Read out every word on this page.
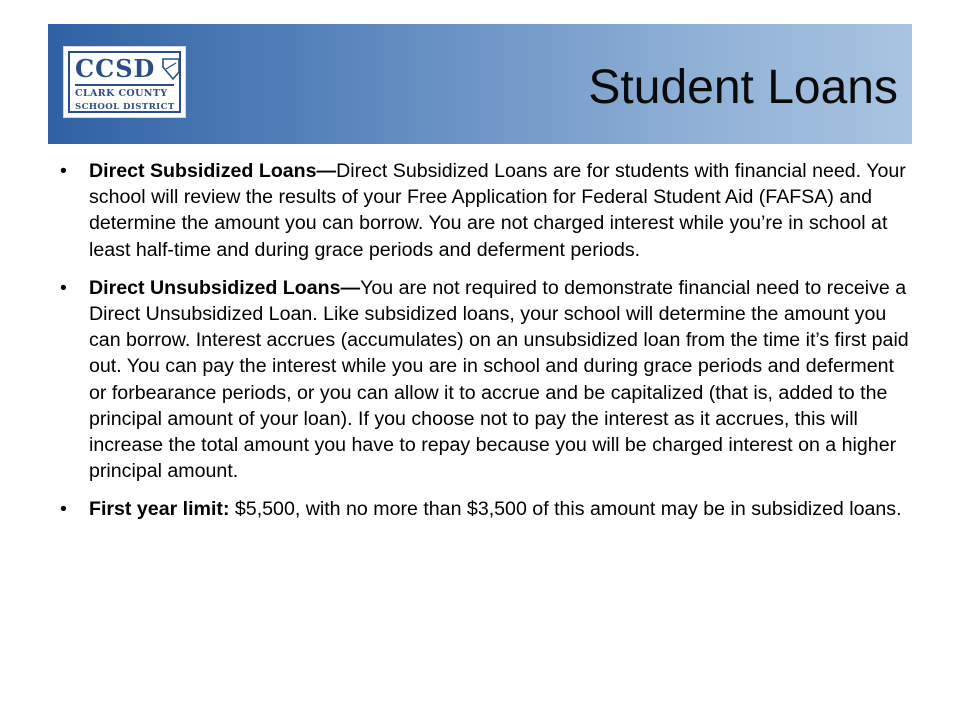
CCSD
CLARK COUNTY
SCHOOL DISTRICT	Student Loans
• Direct Subsidized Loans—Direct Subsidized Loans are for students with financial need. Your school will review the results of your Free Application for Federal Student Aid (FAFSA) and determine the amount you can borrow. You are not charged interest while you’re in school at least half-time and during grace periods and deferment periods.
• Direct Unsubsidized Loans—You are not required to demonstrate financial need to receive a Direct Unsubsidized Loan. Like subsidized loans, your school will determine the amount you can borrow. Interest accrues (accumulates) on an unsubsidized loan from the time it’s first paid out. You can pay the interest while you are in school and during grace periods and deferment or forbearance periods, or you can allow it to accrue and be capitalized (that is, added to the principal amount of your loan). If you choose not to pay the interest as it accrues, this will increase the total amount you have to repay because you will be charged interest on a higher principal amount.
• First year limit: $5,500, with no more than $3,500 of this amount may be in subsidized loans.
